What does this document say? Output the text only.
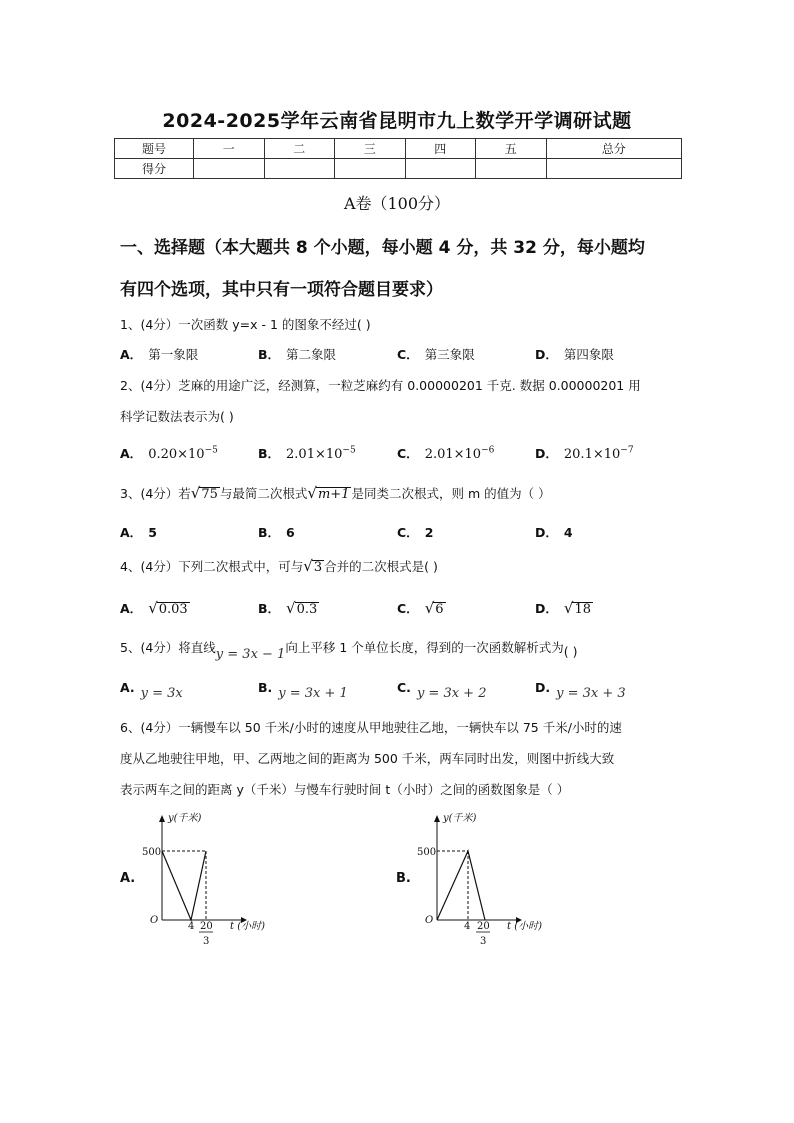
2024-2025学年云南省昆明市九上数学开学调研试题
题号	一	二	三	四	五	总分
得分						
A卷（100分）
一、选择题（本大题共 8 个小题，每小题 4 分，共 32 分，每小题均
有四个选项，其中只有一项符合题目要求）
1、(4分）一次函数 y=x - 1 的图象不经过( )
A． 第一象限	B． 第二象限	C． 第三象限	D． 第四象限
2、(4分）芝麻的用途广泛，经测算，一粒芝麻约有 0.00000201 千克. 数据 0.00000201 用
科学记数法表示为( )
A． $0.20\times 10^{-5}$	B． $2.01\times 10^{-5}$	C． $2.01\times 10^{-6}$	D． $20.1\times 10^{-7}$
3、(4分）若√75 与最简二次根式√m+1 是同类二次根式，则 m 的值为（ ）
A． 5	B． 6	C． 2	D． 4
4、(4分）下列二次根式中，可与√3 合并的二次根式是( )
A． √0.03	B． √0.3	C． √6	D． √18
5、(4分）将直线y = 3x − 1向上平移 1 个单位长度，得到的一次函数解析式为( )
A. y = 3x	B. y = 3x + 1	C. y = 3x + 2	D. y = 3x + 3
6、(4分）一辆慢车以 50 千米/小时的速度从甲地驶往乙地，一辆快车以 75 千米/小时的速
度从乙地驶往甲地，甲、乙两地之间的距离为 500 千米，两车同时出发，则图中折线大致
表示两车之间的距离 y（千米）与慢车行驶时间 t（小时）之间的函数图象是（ ）
A.
y(千米)
500
O
4 20
3
t (小时)
B.
y(千米)
500
O
4 20
3
t (小时)
